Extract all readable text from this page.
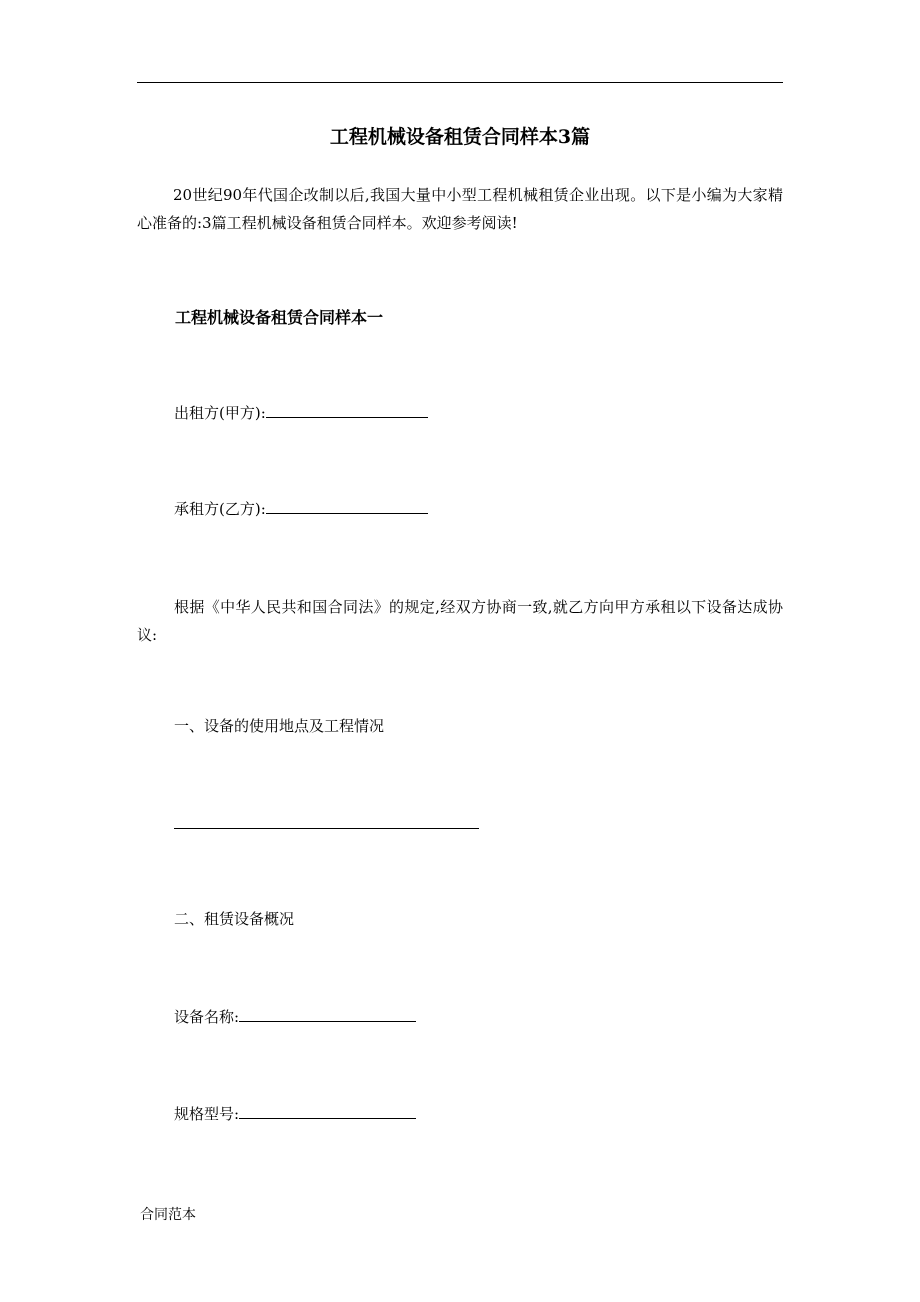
工程机械设备租赁合同样本3篇
20世纪90年代国企改制以后,我国大量中小型工程机械租赁企业出现。以下是小编为大家精心准备的:3篇工程机械设备租赁合同样本。欢迎参考阅读!
工程机械设备租赁合同样本一
出租方(甲方):
承租方(乙方):
根据《中华人民共和国合同法》的规定,经双方协商一致,就乙方向甲方承租以下设备达成协议:
一、设备的使用地点及工程情况
二、租赁设备概况
设备名称:
规格型号:
合同范本
